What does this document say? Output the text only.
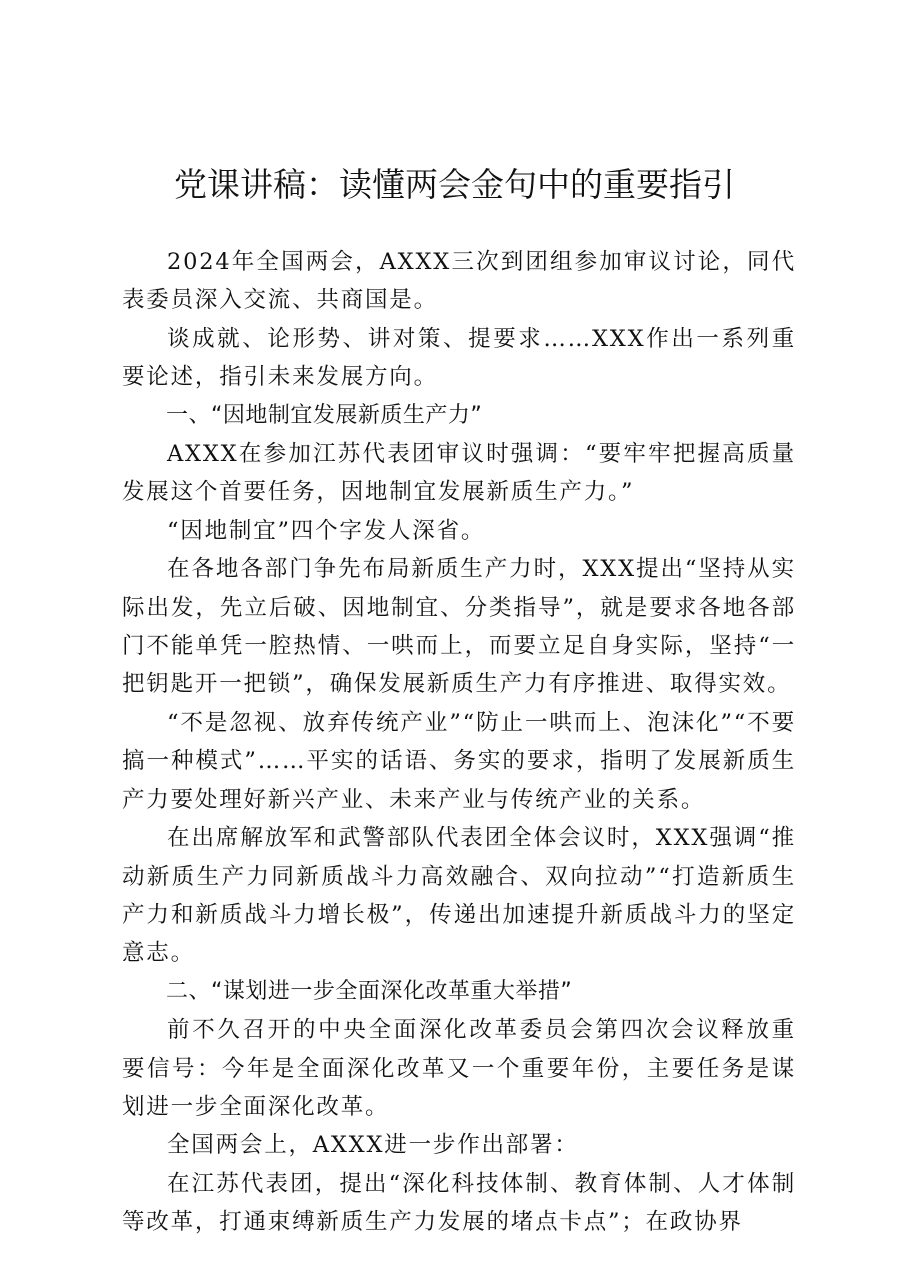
党课讲稿：读懂两会金句中的重要指引

2024年全国两会，AXXX三次到团组参加审议讨论，同代表委员深入交流、共商国是。

谈成就、论形势、讲对策、提要求……XXX作出一系列重要论述，指引未来发展方向。

一、“因地制宜发展新质生产力”

AXXX在参加江苏代表团审议时强调：“要牢牢把握高质量发展这个首要任务，因地制宜发展新质生产力。”

“因地制宜”四个字发人深省。

在各地各部门争先布局新质生产力时，XXX提出“坚持从实际出发，先立后破、因地制宜、分类指导”，就是要求各地各部门不能单凭一腔热情、一哄而上，而要立足自身实际，坚持“一把钥匙开一把锁”，确保发展新质生产力有序推进、取得实效。

“不是忽视、放弃传统产业”“防止一哄而上、泡沫化”“不要搞一种模式”……平实的话语、务实的要求，指明了发展新质生产力要处理好新兴产业、未来产业与传统产业的关系。

在出席解放军和武警部队代表团全体会议时，XXX强调“推动新质生产力同新质战斗力高效融合、双向拉动”“打造新质生产力和新质战斗力增长极”，传递出加速提升新质战斗力的坚定意志。

二、“谋划进一步全面深化改革重大举措”

前不久召开的中央全面深化改革委员会第四次会议释放重要信号：今年是全面深化改革又一个重要年份，主要任务是谋划进一步全面深化改革。

全国两会上，AXXX进一步作出部署：

在江苏代表团，提出“深化科技体制、教育体制、人才体制等改革，打通束缚新质生产力发展的堵点卡点”；在政协界
